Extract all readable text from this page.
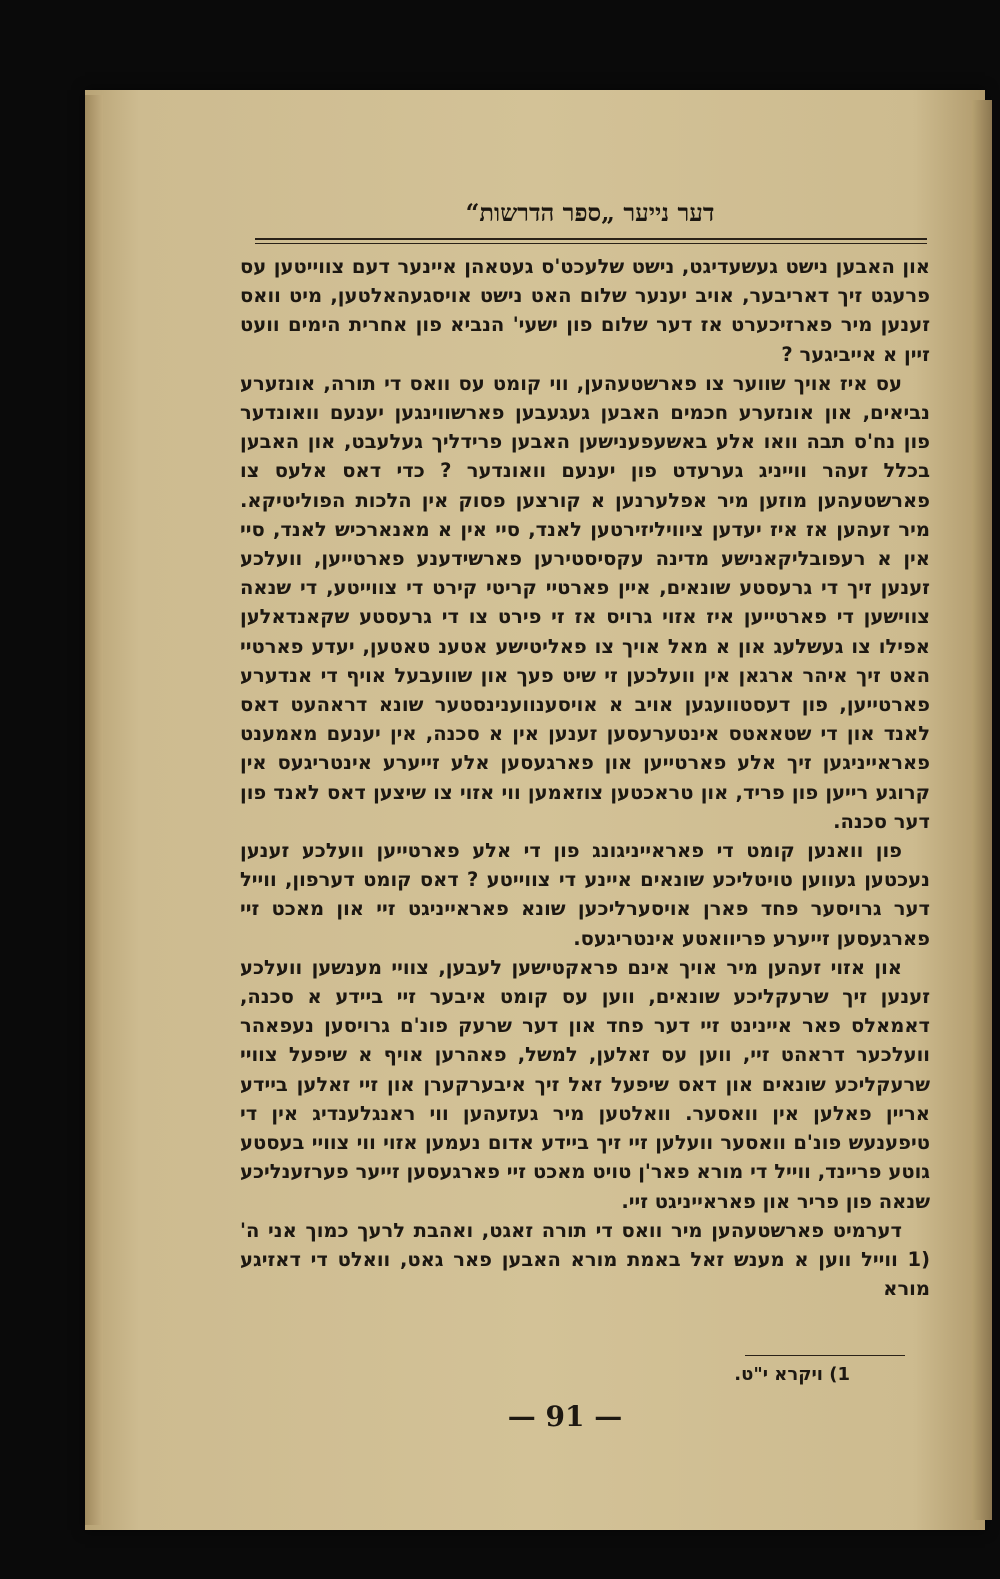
דער נייער „ספר הדרשות“

און האבען נישט געשעדיגט, נישט שלעכט'ס געטאהן איינער דעם צווייטען עס פרעגט זיך דאריבער, אויב יענער שלום האט נישט אויסגעהאלטען, מיט וואס זענען מיר פארזיכערט אז דער שלום פון ישעי' הנביא פון אחרית הימים וועט זיין א אייביגער ?

עס איז אויך שווער צו פארשטעהען, ווי קומט עס וואס די תורה, אונזערע נביאים, און אונזערע חכמים האבען געגעבען פארשווינגען יענעם וואונדער פון נח'ס תבה וואו אלע באשעפענישען האבען פרידליך געלעבט, און האבען בכלל זעהר ווייניג גערעדט פון יענעם וואונדער ? כדי דאס אלעס צו פארשטעהען מוזען מיר אפלערנען א קורצען פסוק אין הלכות הפוליטיקא. מיר זעהען אז איז יעדען ציוויליזירטען לאנד, סיי אין א מאנארכיש לאנד, סיי אין א רעפובליקאנישע מדינה עקסיסטירען פארשידענע פארטייען, וועלכע זענען זיך די גרעסטע שונאים, איין פארטיי קריטי קירט די צווייטע, די שנאה צווישען די פארטייען איז אזוי גרויס אז זי פירט צו די גרעסטע שקאנדאלען אפילו צו געשלעג און א מאל אויך צו פאליטישע אטענ טאטען, יעדע פארטיי האט זיך איהר ארגאן אין וועלכען זי שיט פעך און שוועבעל אויף די אנדערע פארטייען, פון דעסטוועגען אויב א אויסענווענינסטער שונא דראהעט דאס לאנד און די שטאאטס אינטערעסען זענען אין א סכנה, אין יענעם מאמענט פאראייניגען זיך אלע פארטייען און פארגעסען אלע זייערע אינטריגעס אין קרוגע רייען פון פריד, און טראכטען צוזאמען ווי אזוי צו שיצען דאס לאנד פון דער סכנה.

פון וואנען קומט די פאראייניגונג פון די אלע פארטייען וועלכע זענען נעכטען געווען טויטליכע שונאים איינע די צווייטע ? דאס קומט דערפון, ווייל דער גרויסער פחד פארן אויסערליכען שונא פאראייניגט זיי און מאכט זיי פארגעסען זייערע פריוואטע אינטריגעס.

און אזוי זעהען מיר אויך אינם פראקטישען לעבען, צוויי מענשען וועלכע זענען זיך שרעקליכע שונאים, ווען עס קומט איבער זיי ביידע א סכנה, דאמאלס פאר איינינט זיי דער פחד און דער שרעק פונ'ם גרויסען נעפאהר וועלכער דראהט זיי, ווען עס זאלען, למשל, פאהרען אויף א שיפעל צוויי שרעקליכע שונאים און דאס שיפעל זאל זיך איבערקערן און זיי זאלען ביידע אריין פאלען אין וואסער. וואלטען מיר געזעהען ווי ראנגלענדיג אין די טיפענעש פונ'ם וואסער וועלען זיי זיך ביידע אדום נעמען אזוי ווי צוויי בעסטע גוטע פריינד, ווייל די מורא פאר'ן טויט מאכט זיי פארגעסען זייער פערזענליכע שנאה פון פריר און פאראייניגט זיי.

דערמיט פארשטעהען מיר וואס די תורה זאגט, ואהבת לרעך כמוך אני ה' (1 ווייל ווען א מענש זאל באמת מורא האבען פאר גאט, וואלט די דאזיגע מורא

1) ויקרא י"ט.
— 91 —
